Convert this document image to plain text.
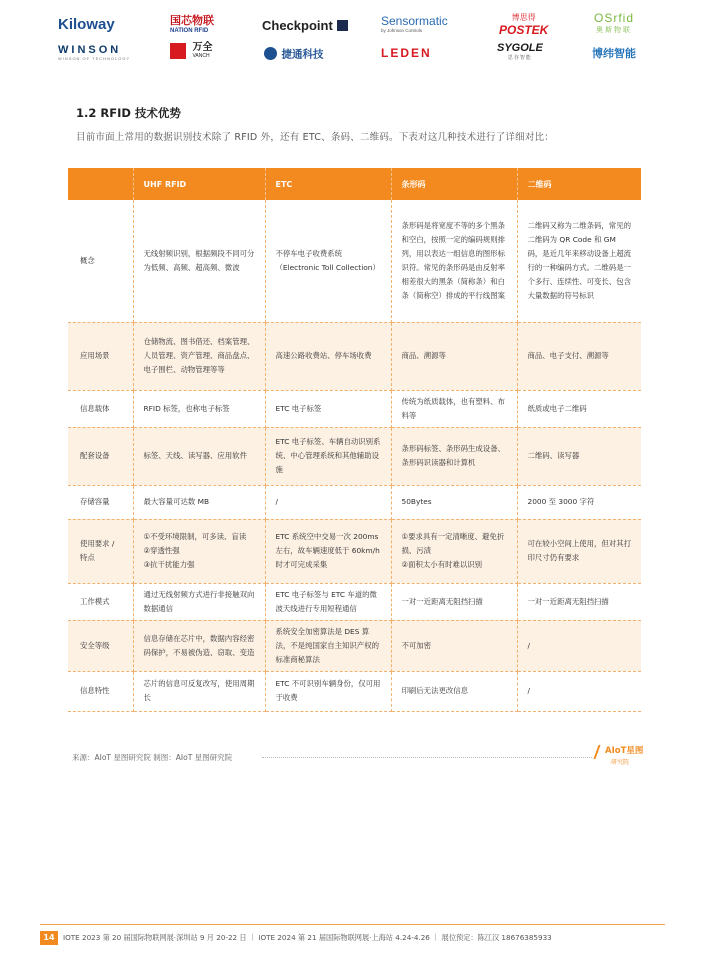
Kiloway	国芯物联
NATION RFID	Checkpoint	Sensormatic
by Johnson Controls
博思得
POSTEK
OSrfid
奥斯物联
WINSON
WINSON OF TECHNOLOGY

万全
VANCH	捷通科技	LEDEN	SYGOLE
思谷智能	博纬智能
1.2 RFID 技术优势
目前市面上常用的数据识别技术除了 RFID 外，还有 ETC、条码、二维码。下表对这几种技术进行了详细对比：
	UHF RFID	ETC	条形码	二维码
概念	无线射频识别，根据频段不同可分为低频、高频、超高频、微波	不停车电子收费系统（Electronic Toll Collection）	条形码是将宽度不等的多个黑条和空白，按照一定的编码规则排列，用以表达一组信息的图形标识符。常见的条形码是由反射率相差很大的黑条（简称条）和白条（简称空）排成的平行线图案	二维码又称为二维条码，常见的二维码为 QR Code 和 GM 码，是近几年来移动设备上超流行的一种编码方式。二维码是一个多行、连续性、可变长、包含大量数据的符号标识
应用场景	仓储物流、图书借还、档案管理、人员管理、资产管理、商品盘点、电子围栏、动物管理等等	高速公路收费站、停车场收费	商品、溯源等	商品、电子支付、溯源等
信息载体	RFID 标签，也称电子标签	ETC 电子标签	传统为纸质载体，也有塑料、布料等	纸质或电子二维码
配套设备	标签、天线、读写器、应用软件	ETC 电子标签、车辆自动识别系统、中心管理系统和其他辅助设施	条形码标签、条形码生成设备、条形码识读器和计算机	二维码、读写器
存储容量	最大容量可达数 MB	/	50Bytes	2000 至 3000 字符
使用要求 / 特点	①不受环境限制，可多读、盲读
②穿透性强
③抗干扰能力强	ETC 系统空中交易一次 200ms 左右，故车辆速度低于 60km/h 时才可完成采集	①要求具有一定清晰度、避免折损、污渍
②面积太小有时难以识别	可在较小空间上使用，但对其打印尺寸仍有要求
工作模式	通过无线射频方式进行非接触双向数据通信	ETC 电子标签与 ETC 车道的微波天线进行专用短程通信	一对一近距离无阻挡扫描	一对一近距离无阻挡扫描
安全等级	信息存储在芯片中，数据内容经密码保护，不易被伪造、窃取、变造	系统安全加密算法是 DES 算法，不是纯国家自主知识产权的标准商秘算法	不可加密	/
信息特性	芯片的信息可反复改写，使用周期长	ETC 不可识别车辆身份，仅可用于收费	印刷后无法更改信息	/
来源：AIoT 星图研究院 制图：AIoT 星图研究院
AIoT星图
研究院
14	IOTE 2023 第 20 届国际物联网展·深圳站 9 月 20-22 日 ｜ IOTE 2024 第 21 届国际物联网展·上海站 4.24-4.26 ｜ 展位预定：陈江汉 18676385933
